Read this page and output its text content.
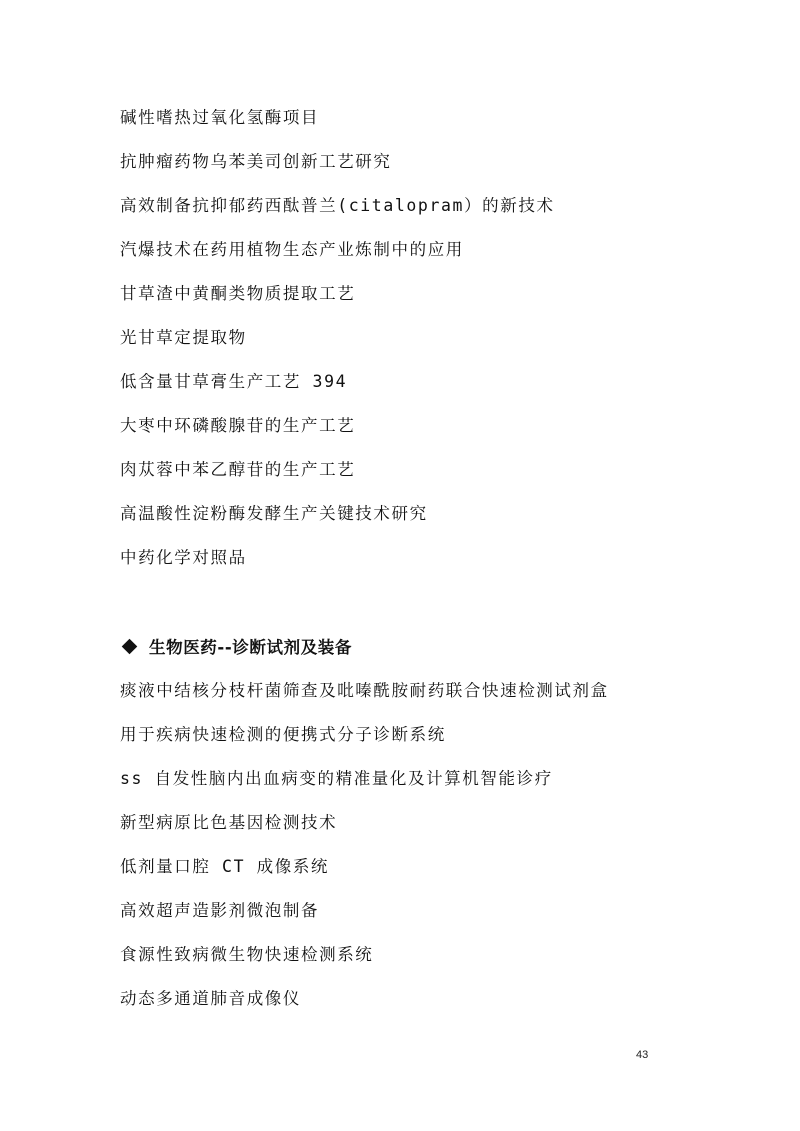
碱性嗜热过氧化氢酶项目
抗肿瘤药物乌苯美司创新工艺研究
高效制备抗抑郁药西酞普兰(citalopram）的新技术
汽爆技术在药用植物生态产业炼制中的应用
甘草渣中黄酮类物质提取工艺
光甘草定提取物
低含量甘草膏生产工艺 394
大枣中环磷酸腺苷的生产工艺
肉苁蓉中苯乙醇苷的生产工艺
高温酸性淀粉酶发酵生产关键技术研究
中药化学对照品
生物医药--诊断试剂及装备
痰液中结核分枝杆菌筛查及吡嗪酰胺耐药联合快速检测试剂盒
用于疾病快速检测的便携式分子诊断系统
ss 自发性脑内出血病变的精准量化及计算机智能诊疗
新型病原比色基因检测技术
低剂量口腔 CT 成像系统
高效超声造影剂微泡制备
食源性致病微生物快速检测系统
动态多通道肺音成像仪
43
